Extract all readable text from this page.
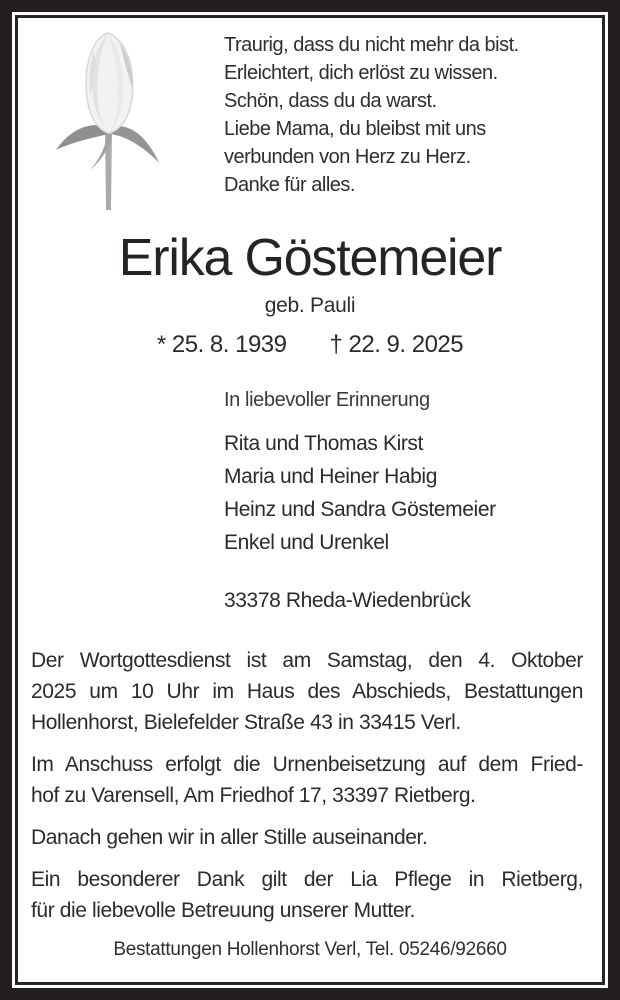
Traurig, dass du nicht mehr da bist.
Erleichtert, dich erlöst zu wissen.
Schön, dass du da warst.
Liebe Mama, du bleibst mit uns
verbunden von Herz zu Herz.
Danke für alles.
Erika Göstemeier
geb. Pauli
* 25. 8. 1939 † 22. 9. 2025
In liebevoller Erinnerung
Rita und Thomas Kirst
Maria und Heiner Habig
Heinz und Sandra Göstemeier
Enkel und Urenkel
33378 Rheda-Wiedenbrück
Der Wortgottesdienst ist am Samstag, den 4. Oktober
2025 um 10 Uhr im Haus des Abschieds, Bestattungen
Hollenhorst, Bielefelder Straße 43 in 33415 Verl.
Im Anschuss erfolgt die Urnenbeisetzung auf dem Fried-
hof zu Varensell, Am Friedhof 17, 33397 Rietberg.
Danach gehen wir in aller Stille auseinander.
Ein besonderer Dank gilt der Lia Pflege in Rietberg,
für die liebevolle Betreuung unserer Mutter.
Bestattungen Hollenhorst Verl, Tel. 05246/92660
